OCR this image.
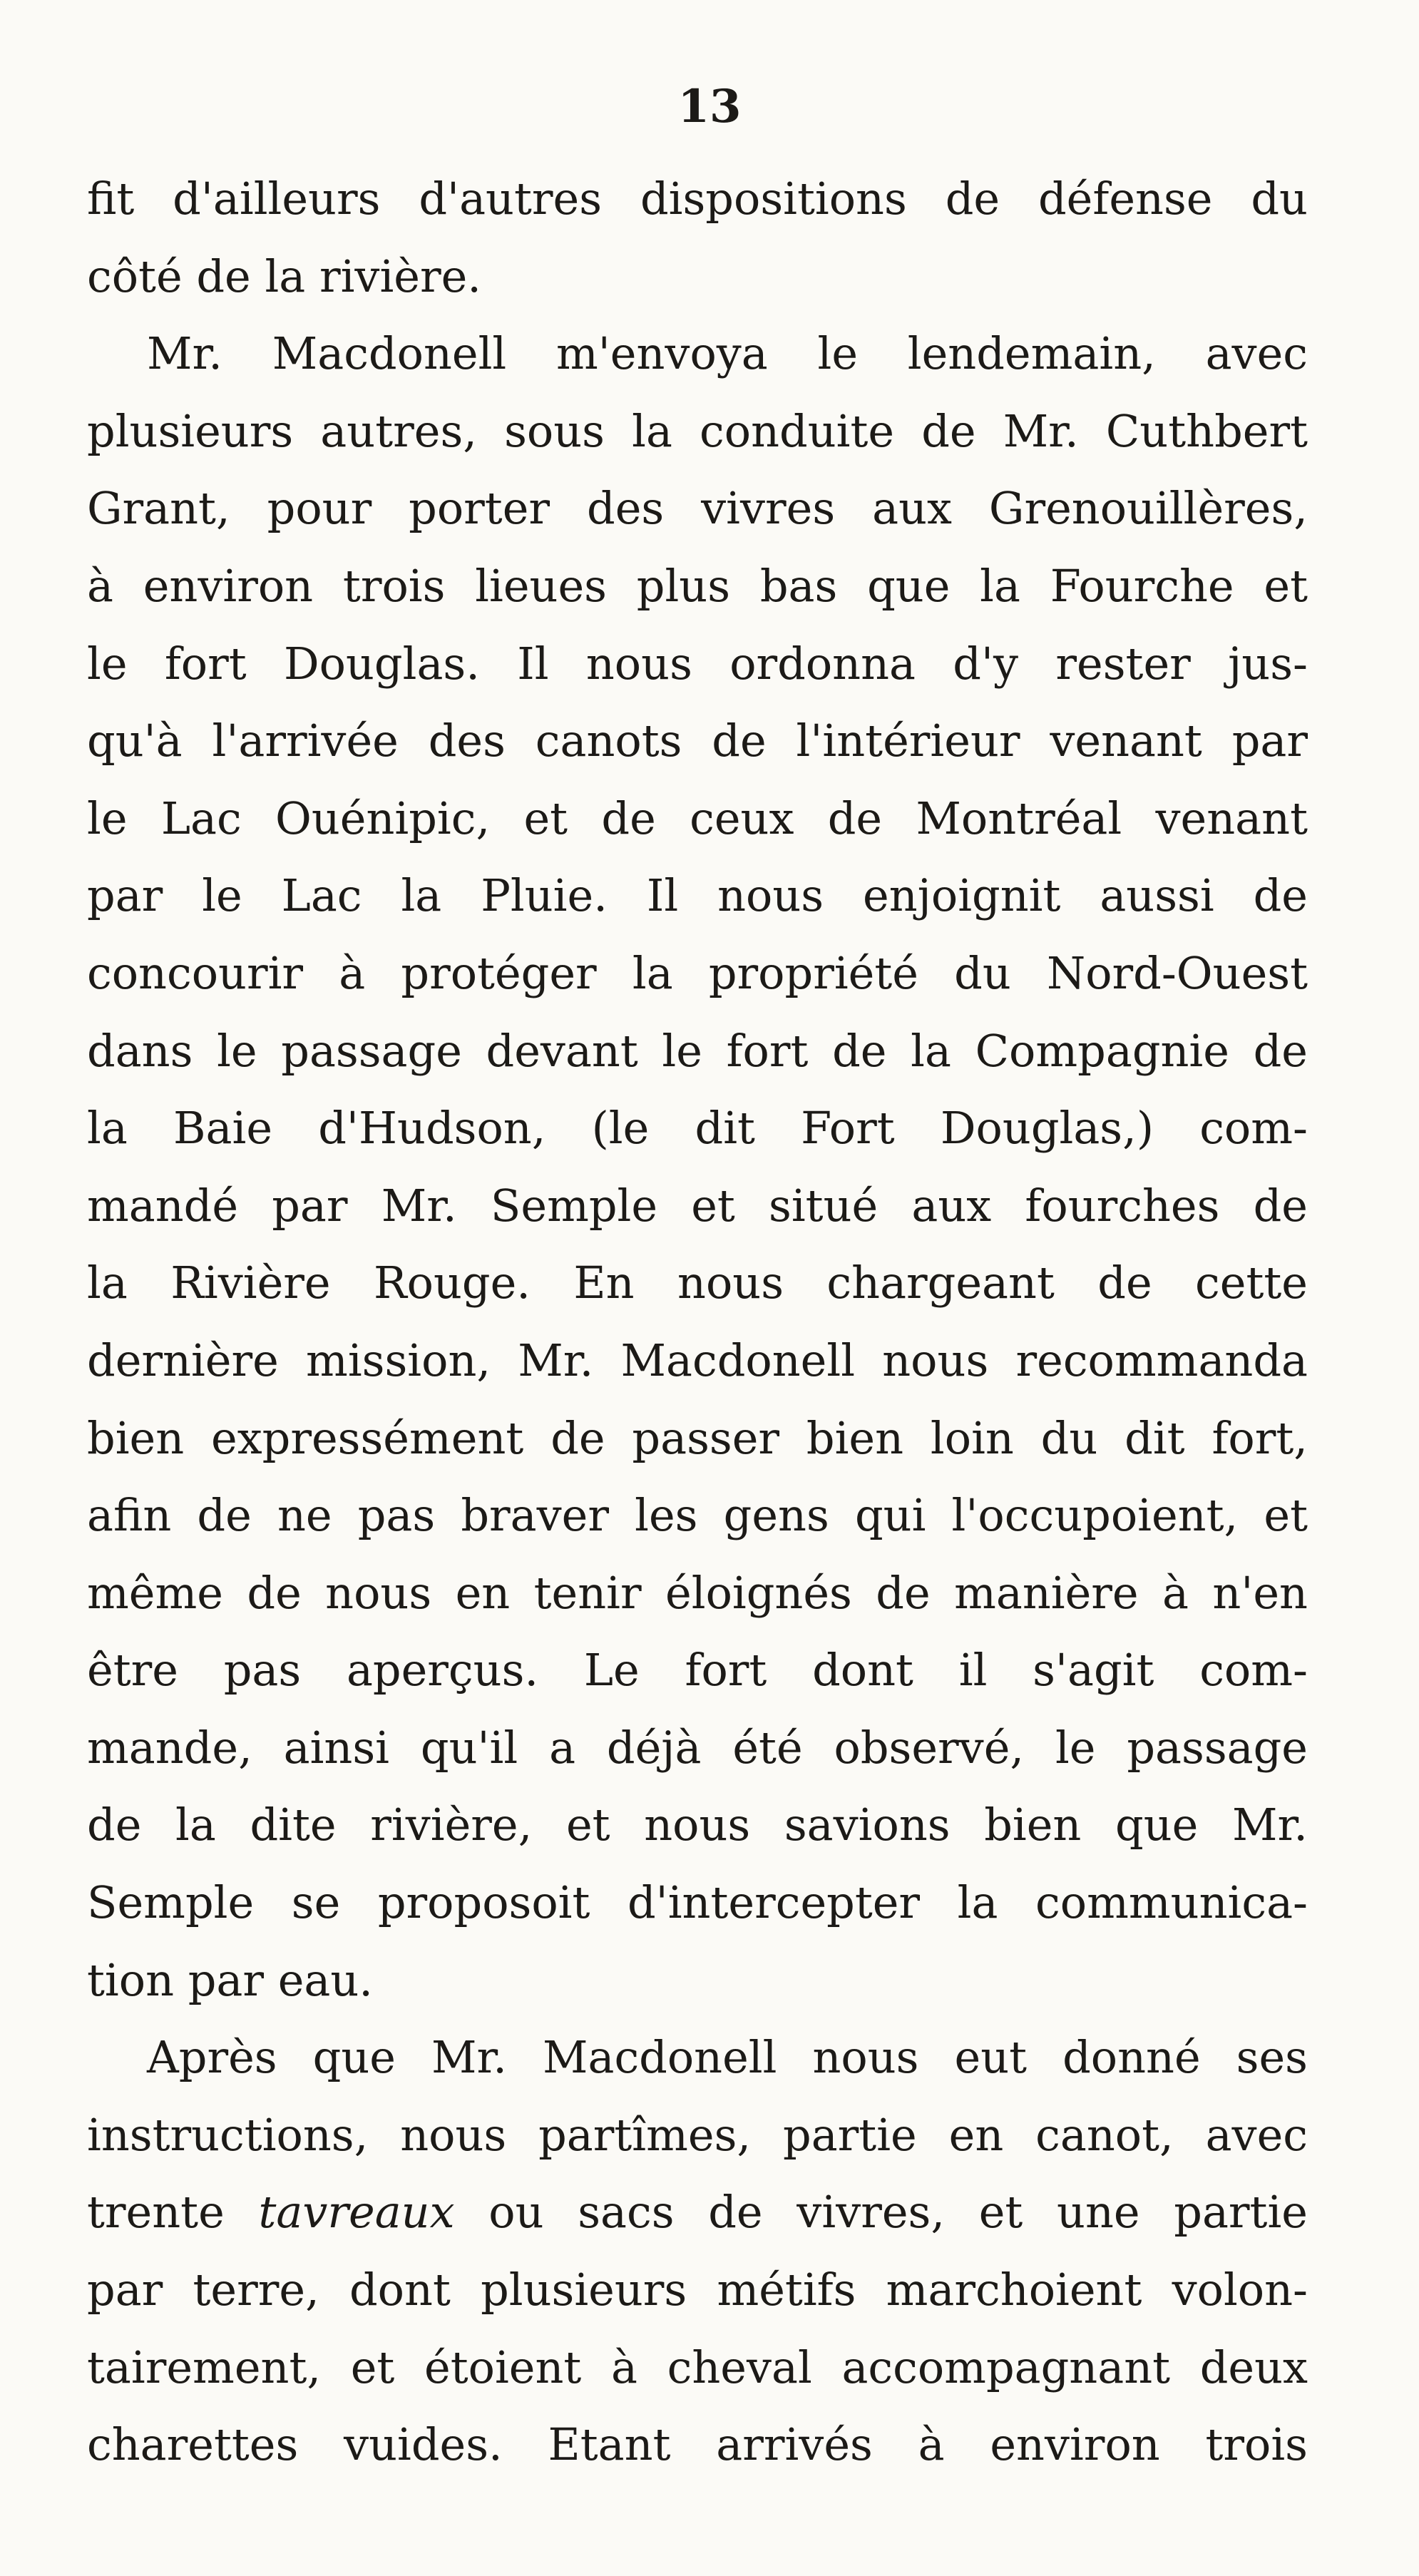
13
fit d'ailleurs d'autres dispositions de défense du
côté de la rivière.
Mr. Macdonell m'envoya le lendemain, avec
plusieurs autres, sous la conduite de Mr. Cuthbert
Grant, pour porter des vivres aux Grenouillères,
à environ trois lieues plus bas que la Fourche et
le fort Douglas. Il nous ordonna d'y rester jus-
qu'à l'arrivée des canots de l'intérieur venant par
le Lac Ouénipic, et de ceux de Montréal venant
par le Lac la Pluie. Il nous enjoignit aussi de
concourir à protéger la propriété du Nord-Ouest
dans le passage devant le fort de la Compagnie de
la Baie d'Hudson, (le dit Fort Douglas,) com-
mandé par Mr. Semple et situé aux fourches de
la Rivière Rouge. En nous chargeant de cette
dernière mission, Mr. Macdonell nous recommanda
bien expressément de passer bien loin du dit fort,
afin de ne pas braver les gens qui l'occupoient, et
même de nous en tenir éloignés de manière à n'en
être pas aperçus. Le fort dont il s'agit com-
mande, ainsi qu'il a déjà été observé, le passage
de la dite rivière, et nous savions bien que Mr.
Semple se proposoit d'intercepter la communica-
tion par eau.
Après que Mr. Macdonell nous eut donné ses
instructions, nous partîmes, partie en canot, avec
trente tavreaux ou sacs de vivres, et une partie
par terre, dont plusieurs métifs marchoient volon-
tairement, et étoient à cheval accompagnant deux
charettes vuides. Etant arrivés à environ trois
